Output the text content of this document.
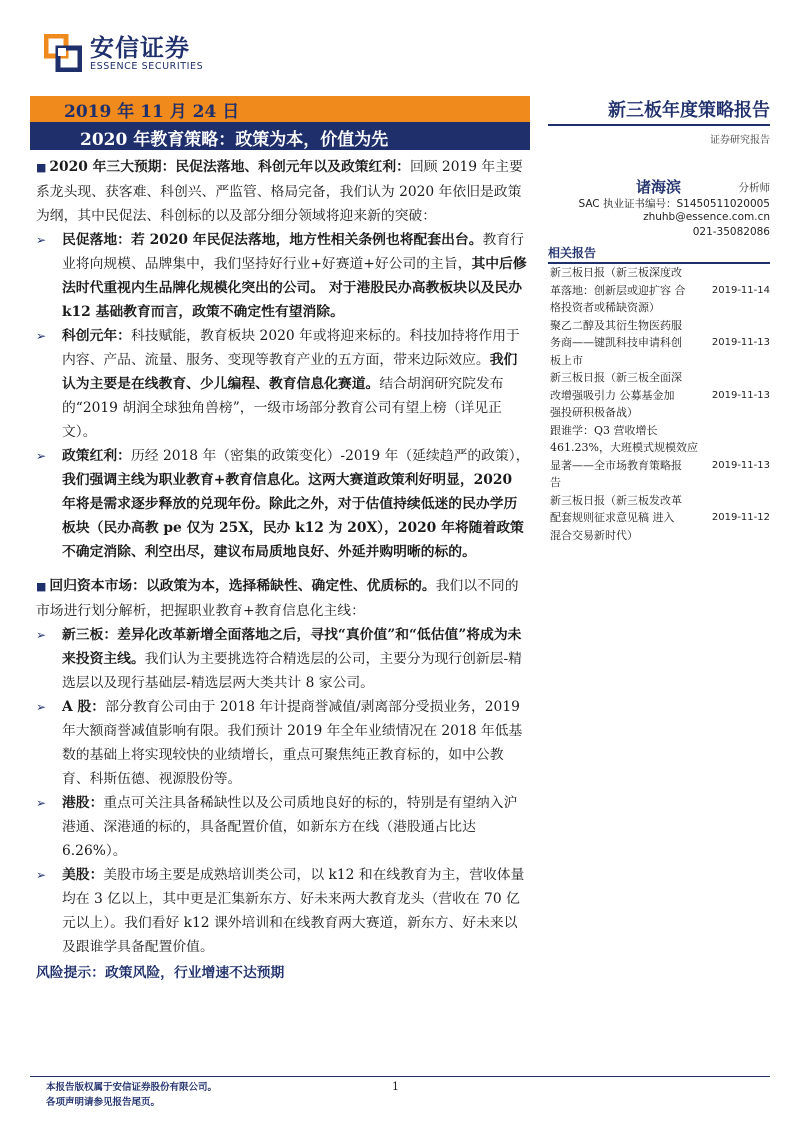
安信证券
ESSENCE SECURITIES
2019 年 11 月 24 日
2020 年教育策略：政策为本，价值为先
新三板年度策略报告
证券研究报告

■ 2020 年三大预期：民促法落地、科创元年以及政策红利：回顾 2019 年主要系龙头现、获客难、科创兴、严监管、格局完备，我们认为 2020 年依旧是政策为纲，其中民促法、科创标的以及部分细分领域将迎来新的突破：

➢	民促落地：若 2020 年民促法落地，地方性相关条例也将配套出台。教育行业将向规模、品牌集中，我们坚持好行业+好赛道+好公司的主旨，其中后修法时代重视内生品牌化规模化突出的公司。 对于港股民办高教板块以及民办 k12 基础教育而言，政策不确定性有望消除。
➢	科创元年：科技赋能，教育板块 2020 年或将迎来标的。科技加持将作用于内容、产品、流量、服务、变现等教育产业的五方面，带来边际效应。我们认为主要是在线教育、少儿编程、教育信息化赛道。结合胡润研究院发布的“2019 胡润全球独角兽榜”，一级市场部分教育公司有望上榜（详见正文）。
➢	政策红利：历经 2018 年（密集的政策变化）-2019 年（延续趋严的政策），我们强调主线为职业教育+教育信息化。这两大赛道政策利好明显，2020 年将是需求逐步释放的兑现年份。除此之外，对于估值持续低迷的民办学历板块（民办高教 pe 仅为 25X，民办 k12 为 20X），2020 年将随着政策不确定消除、利空出尽，建议布局质地良好、外延并购明晰的标的。

■ 回归资本市场：以政策为本，选择稀缺性、确定性、优质标的。我们以不同的市场进行划分解析，把握职业教育+教育信息化主线：

➢	新三板：差异化改革新增全面落地之后，寻找“真价值”和“低估值”将成为未来投资主线。我们认为主要挑选符合精选层的公司，主要分为现行创新层-精选层以及现行基础层-精选层两大类共计 8 家公司。
➢	A 股：部分教育公司由于 2018 年计提商誉减值/剥离部分受损业务，2019 年大额商誉减值影响有限。我们预计 2019 年全年业绩情况在 2018 年低基数的基础上将实现较快的业绩增长，重点可聚焦纯正教育标的，如中公教育、科斯伍德、视源股份等。
➢	港股：重点可关注具备稀缺性以及公司质地良好的标的，特别是有望纳入沪港通、深港通的标的，具备配置价值，如新东方在线（港股通占比达 6.26%）。
➢	美股：美股市场主要是成熟培训类公司，以 k12 和在线教育为主，营收体量均在 3 亿以上，其中更是汇集新东方、好未来两大教育龙头（营收在 70 亿元以上）。我们看好 k12 课外培训和在线教育两大赛道，新东方、好未来以及跟谁学具备配置价值。
风险提示：政策风险，行业增速不达预期
诸海滨	分析师
SAC 执业证书编号：S1450511020005
zhuhb@essence.com.cn
021-35082086
相关报告
新三板日报（新三板深度改
革落地：创新层或迎扩容 合	2019-11-14
格投资者或稀缺资源）
聚乙二醇及其衍生物医药服
务商——键凯科技申请科创	2019-11-13
板上市
新三板日报（新三板全面深
改增强吸引力 公募基金加	2019-11-13
强投研积极备战）
跟谁学：Q3 营收增长
461.23%，大班模式规模效应
显著——全市场教育策略报	2019-11-13
告
新三板日报（新三板发改革
配套规则征求意见稿 进入	2019-11-12
混合交易新时代）
本报告版权属于安信证券股份有限公司。
各项声明请参见报告尾页。
1
